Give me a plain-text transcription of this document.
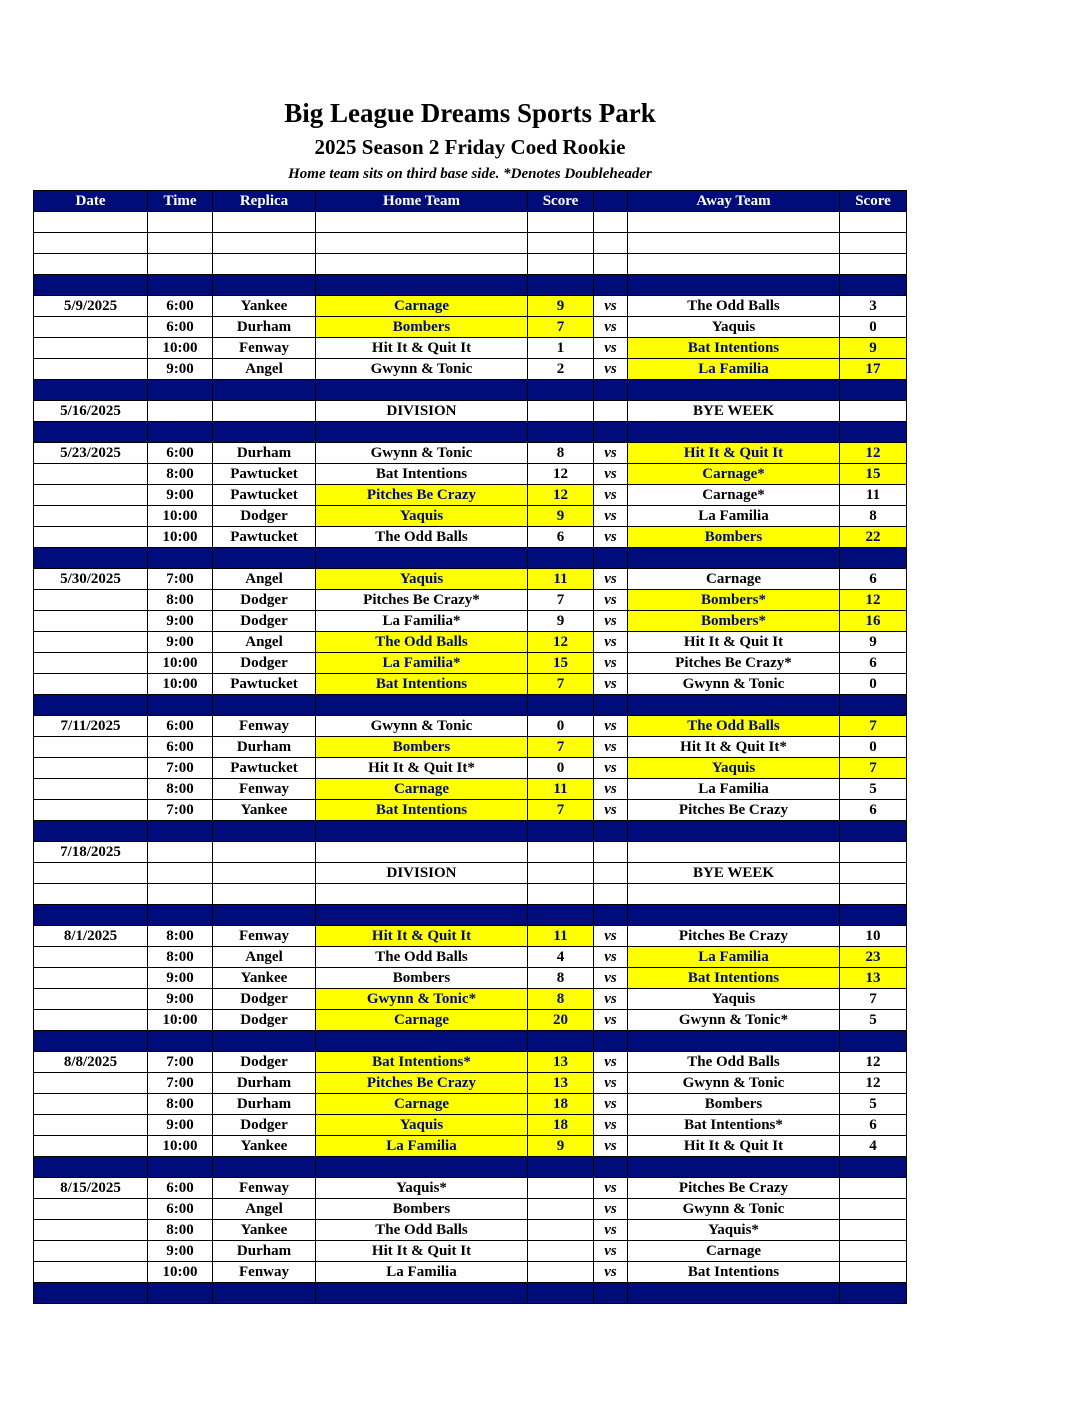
Big League Dreams Sports Park
2025 Season 2 Friday Coed Rookie
Home team sits on third base side. *Denotes Doubleheader
Date	Time	Replica	Home Team	Score		Away Team	Score

5/9/2025	6:00	Yankee	Carnage	9	vs	The Odd Balls	3
	6:00	Durham	Bombers	7	vs	Yaquis	0
	10:00	Fenway	Hit It & Quit It	1	vs	Bat Intentions	9
	9:00	Angel	Gwynn & Tonic	2	vs	La Familia	17

5/16/2025			DIVISION			BYE WEEK	

5/23/2025	6:00	Durham	Gwynn & Tonic	8	vs	Hit It & Quit It	12
	8:00	Pawtucket	Bat Intentions	12	vs	Carnage*	15
	9:00	Pawtucket	Pitches Be Crazy	12	vs	Carnage*	11
	10:00	Dodger	Yaquis	9	vs	La Familia	8
	10:00	Pawtucket	The Odd Balls	6	vs	Bombers	22

5/30/2025	7:00	Angel	Yaquis	11	vs	Carnage	6
	8:00	Dodger	Pitches Be Crazy*	7	vs	Bombers*	12
	9:00	Dodger	La Familia*	9	vs	Bombers*	16
	9:00	Angel	The Odd Balls	12	vs	Hit It & Quit It	9
	10:00	Dodger	La Familia*	15	vs	Pitches Be Crazy*	6
	10:00	Pawtucket	Bat Intentions	7	vs	Gwynn & Tonic	0

7/11/2025	6:00	Fenway	Gwynn & Tonic	0	vs	The Odd Balls	7
	6:00	Durham	Bombers	7	vs	Hit It & Quit It*	0
	7:00	Pawtucket	Hit It & Quit It*	0	vs	Yaquis	7
	8:00	Fenway	Carnage	11	vs	La Familia	5
	7:00	Yankee	Bat Intentions	7	vs	Pitches Be Crazy	6

7/18/2025							
			DIVISION			BYE WEEK	

8/1/2025	8:00	Fenway	Hit It & Quit It	11	vs	Pitches Be Crazy	10
	8:00	Angel	The Odd Balls	4	vs	La Familia	23
	9:00	Yankee	Bombers	8	vs	Bat Intentions	13
	9:00	Dodger	Gwynn & Tonic*	8	vs	Yaquis	7
	10:00	Dodger	Carnage	20	vs	Gwynn & Tonic*	5

8/8/2025	7:00	Dodger	Bat Intentions*	13	vs	The Odd Balls	12
	7:00	Durham	Pitches Be Crazy	13	vs	Gwynn & Tonic	12
	8:00	Durham	Carnage	18	vs	Bombers	5
	9:00	Dodger	Yaquis	18	vs	Bat Intentions*	6
	10:00	Yankee	La Familia	9	vs	Hit It & Quit It	4

8/15/2025	6:00	Fenway	Yaquis*		vs	Pitches Be Crazy	
	6:00	Angel	Bombers		vs	Gwynn & Tonic	
	8:00	Yankee	The Odd Balls		vs	Yaquis*	
	9:00	Durham	Hit It & Quit It		vs	Carnage	
	10:00	Fenway	La Familia		vs	Bat Intentions	
